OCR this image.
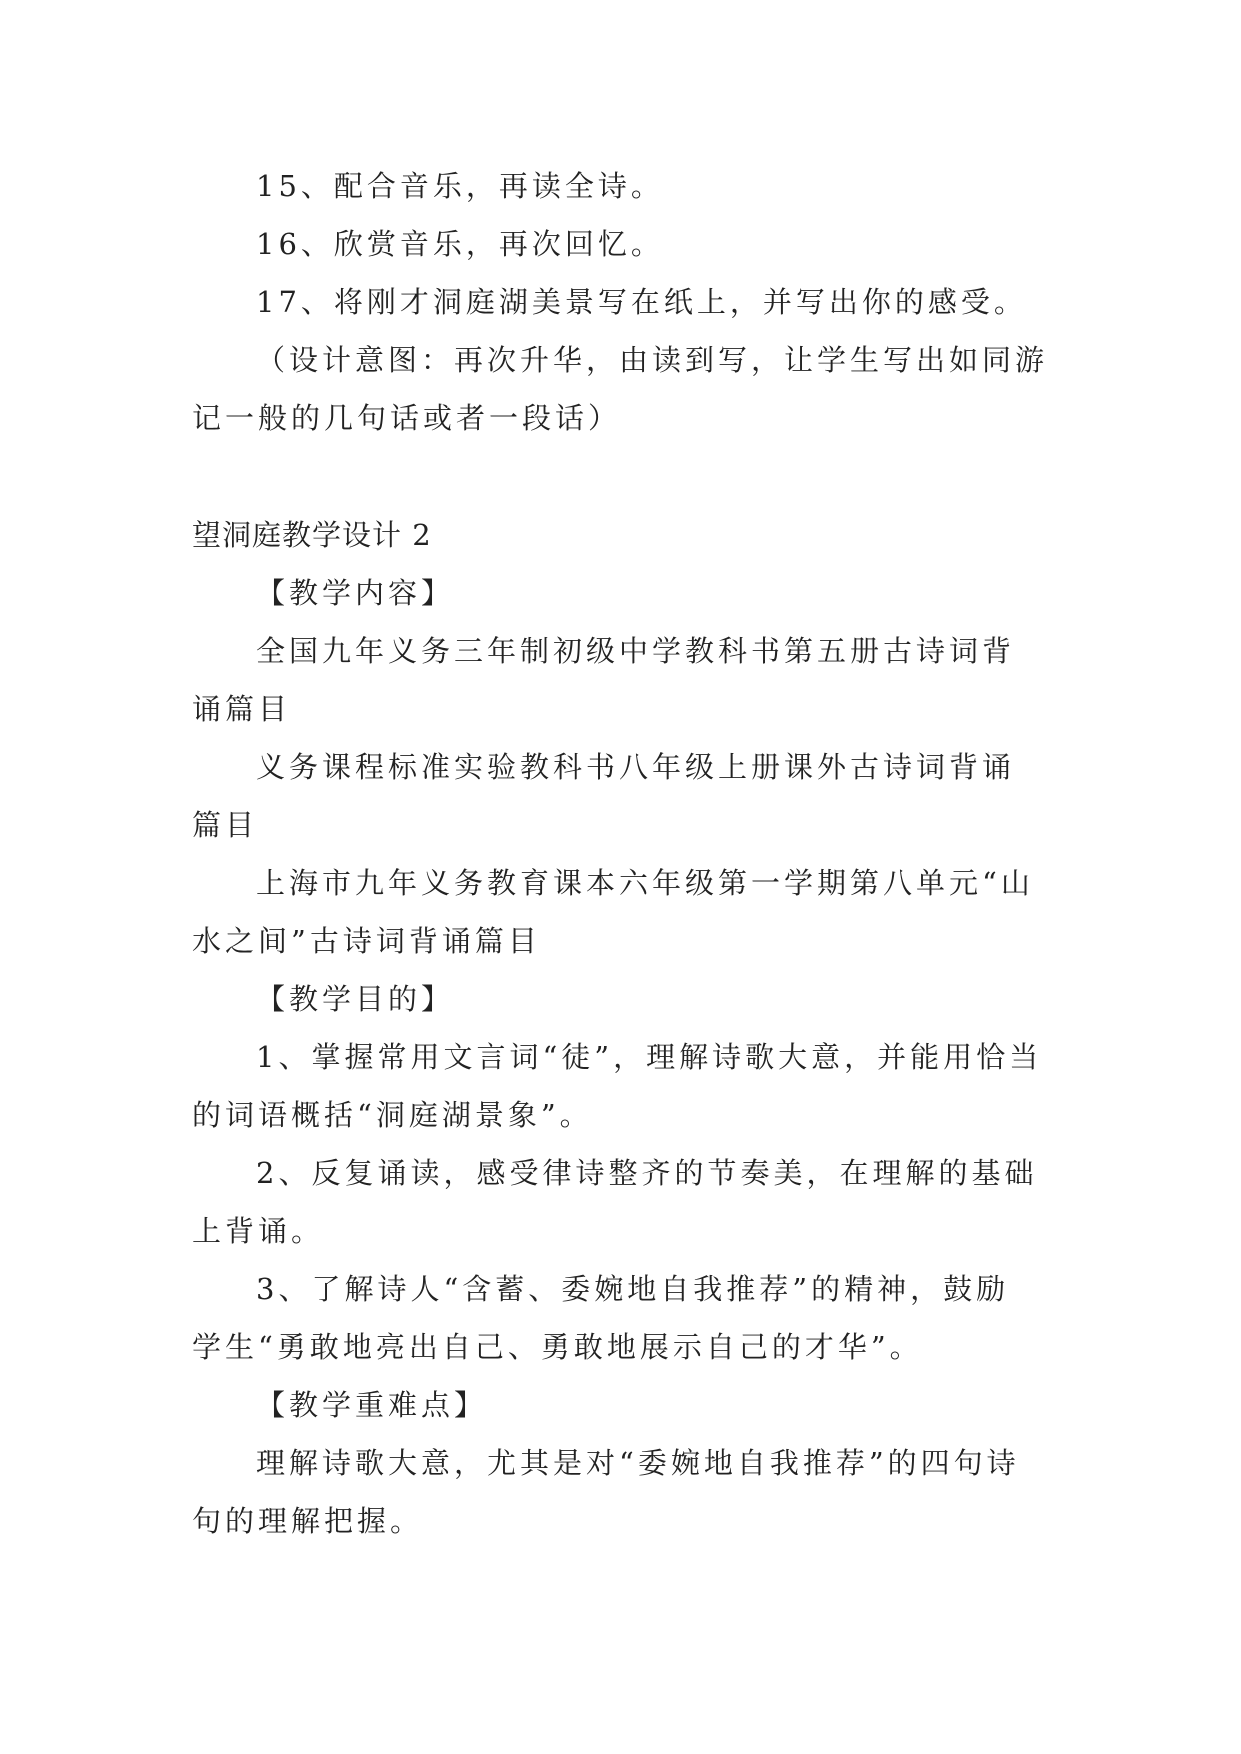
15、配合音乐，再读全诗。
16、欣赏音乐，再次回忆。
17、将刚才洞庭湖美景写在纸上，并写出你的感受。
（设计意图：再次升华，由读到写，让学生写出如同游
记一般的几句话或者一段话）
望洞庭教学设计 2
【教学内容】
全国九年义务三年制初级中学教科书第五册古诗词背
诵篇目
义务课程标准实验教科书八年级上册课外古诗词背诵
篇目
上海市九年义务教育课本六年级第一学期第八单元“山
水之间”古诗词背诵篇目
【教学目的】
1、掌握常用文言词“徒”，理解诗歌大意，并能用恰当
的词语概括“洞庭湖景象”。
2、反复诵读，感受律诗整齐的节奏美，在理解的基础
上背诵。
3、了解诗人“含蓄、委婉地自我推荐”的精神，鼓励
学生“勇敢地亮出自己、勇敢地展示自己的才华”。
【教学重难点】
理解诗歌大意，尤其是对“委婉地自我推荐”的四句诗
句的理解把握。
